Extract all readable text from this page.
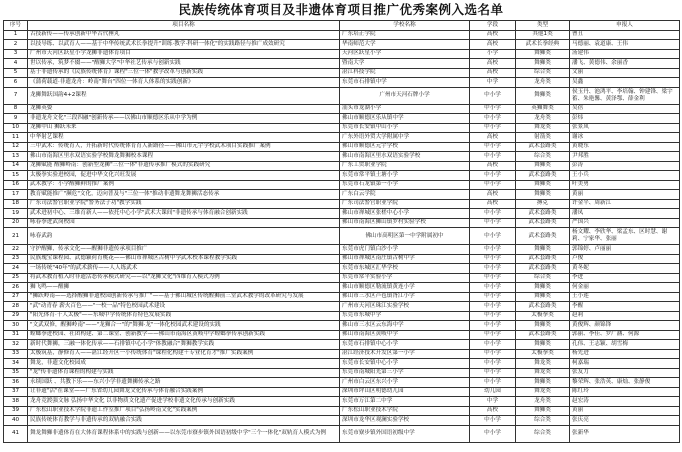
民族传统体育项目及非遗体育项目推广优秀案例入选名单
序号	项目名称	学校名称	学段	类型	申报人
1	古技新传——传承创新中华古代捶丸	广东培正学院	高校	其他1类	曹丑
2	以技导练、以武育人——基于中华传统武术长拳提升"训练·教学·科研一体化"的实践路径与推广成效研究	华南师范大学	高校	武术长拳经典	马德丽、袁道康、王伟
3	广州市天河区跃星小学龙狮非遗体育项目	天河区跃星小学	小学	舞狮类	汤建伟
4	世以传承，筑梦不辍——"醒狮大学"中华社艺传承与创新实践	暨南大学	高校	舞狮类	潘飞、黄德伟、余丽香
5	基于非遗传承的《民族传统体育》课程"三位一体"教学改革与创新实践	湛江科技学院	高校	综合类	文丽
6	《蒲荷载道·非遗龙舟：岭南"舞台"四位一体育人体系的实践创新》	东莞市石排镇中学	中学	龙舟类	吴鑫
7	龙狮舞跃国韵4+2课程	广州市天河石牌小学	中小学	舞狮类	侯玉丹、池鸿平、李培翰、钟建锋、梁宇蓄、朱艳馨、黄泽鄂、薛金利
8	龙狮英姿	汕头市龙湖小学	中小学	英狮舞类	吴蓓
9	非遗龙舟文化"三段四融"创新传承——以佛山市顺德区乐从中学为例	佛山市顺德区乐从镇中学	中小学	龙舟类	彭炜
10	龙狮中山 狮跃未来	东莞市长安镇中山小学	中小学	舞龙类	张景凤
11	中华射艺课程	广东外语外贸大学附属中学	高校	射箭类	谢冰
12	三中武术：传统育人，开拓新时代传统体育育人新路径——佛山市元宇学校武术项目实践推广案例	佛山市顺德区元宇学校	中小学	武术套路类	黄晓东
13	佛山市南海区里水双语实验学校舞龙舞狮校本课程	佛山市南海区里水双语实验学校	中小学	综合类	尹邦胜
14	龙狮赋能 醒狮岭南：创新型龙狮"三位一体"非遗传承推广模式的实践研究	广东工贸职业学院	高校	舞狮类	彭涛
15	太极拳实验进校园，促进中华文化兴旺发展	东莞市常平镇土塘小学	中小学	武术套路类	王小兵
16	武术教学：小学醒狮鲜的推广案例	东莞市石龙镇第一小学	中小学	舞狮类	叶美勇
17	教育赋能推广"濒危"文化，迈向普及与"三位一体"推动非遗舞龙舞狮活态传承	广东白云学院	高校	舞狮类	黄丽
18	广东司法警官职业学院"警务法子功"教学实践	广东司法警官职业学院	高校	搏克	许金平、周新江
19	武术进初中心、三维育新人——依托中心小学"武术大课间"非遗传承与体育融合创新实践	佛山市禅城区张槎中心小学	中小学	武术套路类	潘凤
20	咏春拳进武岗校园	佛山市南海区狮山镇罗村实验学校	中小学	武术套路类	严国兴
21	咏春武韵	佛山市高明区第一中学附属初中	中小学	武术套路类	杨文耀、李欣华、梁孟东、区时慧、谢莉、宁家华、张丽
22	守护醒狮，传承文化——醒狮非遗传承项目推广	东莞市虎门镇白沙小学	中小学	舞狮类	郭锦婷、卢丽丽
23	民族瑰宝课程园、武德颖荷育桃花——佛山市禅城区古树中学武术校本课程教学实践	佛山市禅城区南庄镇古树中学	中小学	武术套路类	卢俊
24	一场传统"40年"的武术薪传——人人练武术	东莞市东城区汇华学校	中小学	武术套路类	黄冬妮
25	将武术教育植入时非遗活态传承模式研究——以"龙狮文化"四维育人模式为例	东莞市常平实验小学	中小学	综合类	李进
26	狮飞鸣——醒狮	佛山市顺德区勒流镇黄连小学	中小学	舞狮类	何金丽
27	"狮跃岭南——选择醒狮非遗校园创新传承与推广"——基于佛山城区传统醒狮前三堂武术教学的改革研究与发展	佛山市三水区芦苞镇胥江小学	中小学	舞狮类	王小莲
28	"武"动青春 薪火百色——"一校一品"特色校园武术建设	广州市天河区珠江实验学校	中小学	武术套路类	李醒
29	"阳光体育·千人太极"——东城中学传统体育特色发展实践	东莞市东城中学	中小学	太极拳类	赵莉
30	"文武双修，醒狮岭南"——"龙狮合一"的"舞狮·龙"一体化校园武术建设的实践	佛山市三水区云东海中学	中小学	舞狮类	黄俊辉、颜锦锋
31	螳螂拳进校园、社团构建、第二课堂、创新教学——佛山市南海区黄岐中学螳螂拳传承创新实践	佛山市南海区黄岐中学	中小学	武术套路类	郭丽、李佳、罗广涵、何源
32	新时代舞狮，三融一体化传承——石排镇中心小学"体教融合"舞狮教学实践	东莞市石排镇中心小学	中小学	舞狮类	孔伟、王志颖、胡雪梅
33	太极筑基，静修育人——湛江经开区一小传统体育"课程化构建＋专业化育才"推广实践案例	湛江经济技术开发区第一小学	中小学	太极拳类	杨先进
34	舞龙，非遗文化校园成	东莞市长安镇中心小学	中小学	舞龙类	柯嘉瑞
35	"龙"传非遗体育课程的构建与实践	东莞市南城阳光第三小学	中小学	舞龙类	张友力
36	永续国跃 、共教下乐——东兴小学非遗舞狮传承之路	广州市白云区东兴小学	中小学	舞狮类	黎荣辉、张浩英、康灿、张静俊
37	让非遗"活"在课堂——广东省幼儿园舞龙文化传承与体育融合实践案例	深圳市坪山区明德幼儿园	幼儿园	舞龙类	陈红玲
38	龙舟竞渡强文脉 弘扬中华文化 以非物质文化遗产促进学校非遗文化传承与创新实践	东莞市万江第二中学	中学	龙舟类	赵宏涛
39	广东松山职业技术学院非遗工作室推广项目"弘扬岭南文化"实践案例	广东松山职业技术学院	高校	舞狮类	黄丽
40	民族传统体育教学与非遗传承的双轨融合实践	深圳市龙华区观澜实验学校	中小学	综合类	张庆亮
41	舞龙舞狮非遗体育在大体育课程体系中的实践与创新——以东莞市寮步镇外国语初级中学"三个一体化"双轨育人模式为例	东莞市寮步镇外国语初级中学	中小学	综合类	张新华
